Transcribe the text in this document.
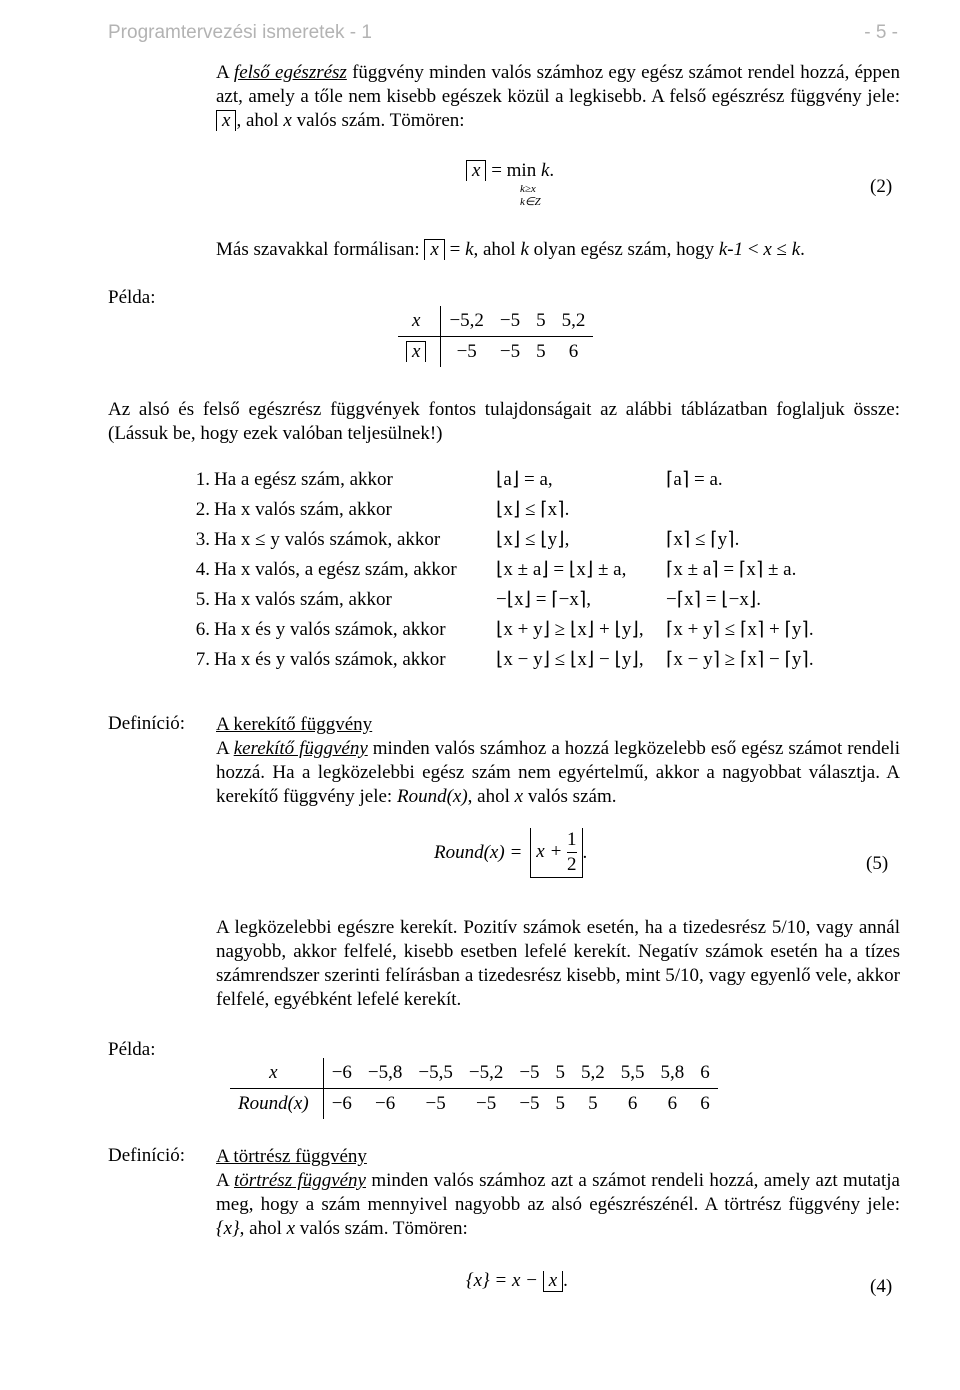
Programtervezési ismeretek - 1	- 5 -
A felső egészrész függvény minden valós számhoz egy egész számot rendel hozzá, éppen azt, amely a tőle nem kisebb egészek közül a legkisebb. A felső egészrész függvény jele: x , ahol x valós szám. Tömören:
x = min k.
k≥x
k∈Z
(2)
Más szavakkal formálisan: x = k, ahol k olyan egész szám, hogy k-1 < x ≤ k.
Példa:
x	−5,2	−5	5	5,2
x	−5	−5	5	6
Az alsó és felső egészrész függvények fontos tulajdonságait az alábbi táblázatban foglaljuk össze: (Lássuk be, hogy ezek valóban teljesülnek!)
1. Ha a egész szám, akkor	⌊a⌋ = a,	⌈a⌉ = a.
2. Ha x valós szám, akkor	⌊x⌋ ≤ ⌈x⌉.
3. Ha x ≤ y valós számok, akkor	⌊x⌋ ≤ ⌊y⌋,	⌈x⌉ ≤ ⌈y⌉.
4. Ha x valós, a egész szám, akkor ⌊x ± a⌋ = ⌊x⌋ ± a, ⌈x ± a⌉ = ⌈x⌉ ± a.
5. Ha x valós szám, akkor	−⌊x⌋ = ⌈−x⌉,	−⌈x⌉ = ⌊−x⌋.
6. Ha x és y valós számok, akkor	⌊x + y⌋ ≥ ⌊x⌋ + ⌊y⌋, ⌈x + y⌉ ≤ ⌈x⌉ + ⌈y⌉.
7. Ha x és y valós számok, akkor	⌊x − y⌋ ≤ ⌊x⌋ − ⌊y⌋, ⌈x − y⌉ ≥ ⌈x⌉ − ⌈y⌉.
Definíció: A kerekítő függvény
A kerekítő függvény minden valós számhoz a hozzá legközelebb eső egész számot rendeli hozzá. Ha a legközelebbi egész szám nem egyértelmű, akkor a nagyobbat választja. A kerekítő függvény jele: Round(x), ahol x valós szám.
Round(x) = $x + \frac{1}{2}$ .
(5)
A legközelebbi egészre kerekít. Pozitív számok esetén, ha a tizedesrész 5/10, vagy annál nagyobb, akkor felfelé, kisebb esetben lefelé kerekít. Negatív számok esetén ha a tízes számrendszer szerinti felírásban a tizedesrész kisebb, mint 5/10, vagy egyenlő vele, akkor felfelé, egyébként lefelé kerekít.
Példa:
x	−6	−5,8	−5,5	−5,2	−5	5	5,2	5,5	5,8	6
Round(x)	−6	−6	−5	−5	−5	5	5	6	6	6
Definíció: A törtrész függvény
A törtrész függvény minden valós számhoz azt a számot rendeli hozzá, amely azt mutatja meg, hogy a szám mennyivel nagyobb az alsó egészrészénél. A törtrész függvény jele: {x}, ahol x valós szám. Tömören:
{x} = x − x .	(4)
